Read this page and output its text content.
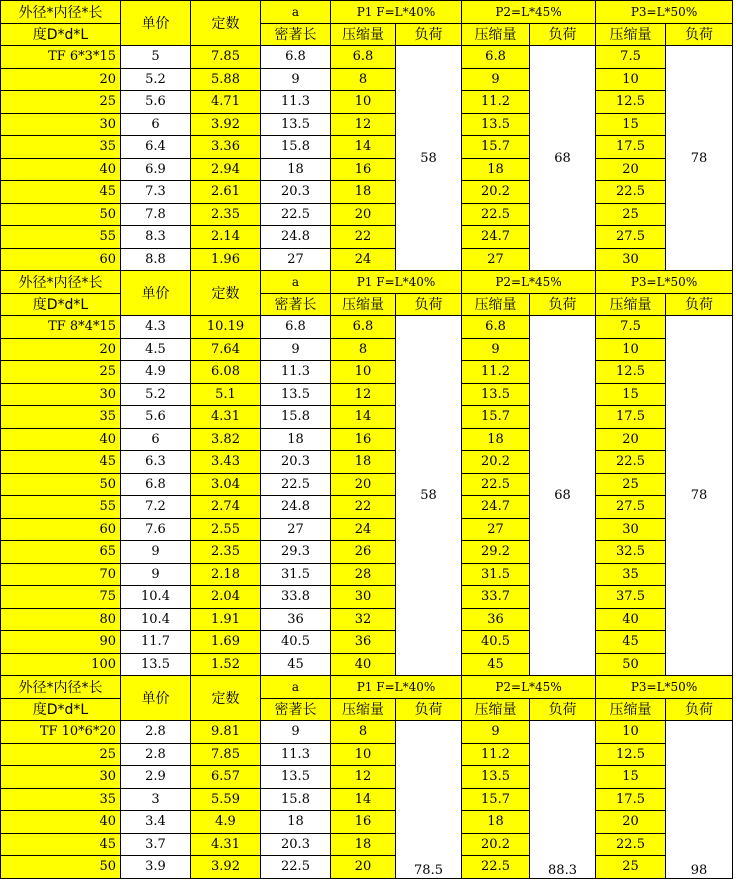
外径*内径*长	单价	定数	a	P1 F=L*40%		P2=L*45%		P3=L*50%	
度D*d*L			密著长	压缩量	负荷	压缩量	负荷	压缩量	负荷
TF 6*3*15	5	7.85	6.8	6.8	58	6.8	68	7.5	78
20	5.2	5.88	9	8		9		10	
25	5.6	4.71	11.3	10		11.2		12.5	
30	6	3.92	13.5	12		13.5		15	
35	6.4	3.36	15.8	14		15.7		17.5	
40	6.9	2.94	18	16		18		20	
45	7.3	2.61	20.3	18		20.2		22.5	
50	7.8	2.35	22.5	20		22.5		25	
55	8.3	2.14	24.8	22		24.7		27.5	
60	8.8	1.96	27	24		27		30	
外径*内径*长	单价	定数	a	P1 F=L*40%		P2=L*45%		P3=L*50%	
度D*d*L			密著长	压缩量	负荷	压缩量	负荷	压缩量	负荷
TF 8*4*15	4.3	10.19	6.8	6.8	58	6.8	68	7.5	78
20	4.5	7.64	9	8		9		10	
25	4.9	6.08	11.3	10		11.2		12.5	
30	5.2	5.1	13.5	12		13.5		15	
35	5.6	4.31	15.8	14		15.7		17.5	
40	6	3.82	18	16		18		20	
45	6.3	3.43	20.3	18		20.2		22.5	
50	6.8	3.04	22.5	20		22.5		25	
55	7.2	2.74	24.8	22		24.7		27.5	
60	7.6	2.55	27	24		27		30	
65	9	2.35	29.3	26		29.2		32.5	
70	9	2.18	31.5	28		31.5		35	
75	10.4	2.04	33.8	30		33.7		37.5	
80	10.4	1.91	36	32		36		40	
90	11.7	1.69	40.5	36		40.5		45	
100	13.5	1.52	45	40		45		50	
外径*内径*长	单价	定数	a	P1 F=L*40%		P2=L*45%		P3=L*50%	
度D*d*L			密著长	压缩量	负荷	压缩量	负荷	压缩量	负荷
TF 10*6*20	2.8	9.81	9	8	78.5	9	88.3	10	98
25	2.8	7.85	11.3	10		11.2		12.5	
30	2.9	6.57	13.5	12		13.5		15	
35	3	5.59	15.8	14		15.7		17.5	
40	3.4	4.9	18	16		18		20	
45	3.7	4.31	20.3	18		20.2		22.5	
50	3.9	3.92	22.5	20		22.5		25	
